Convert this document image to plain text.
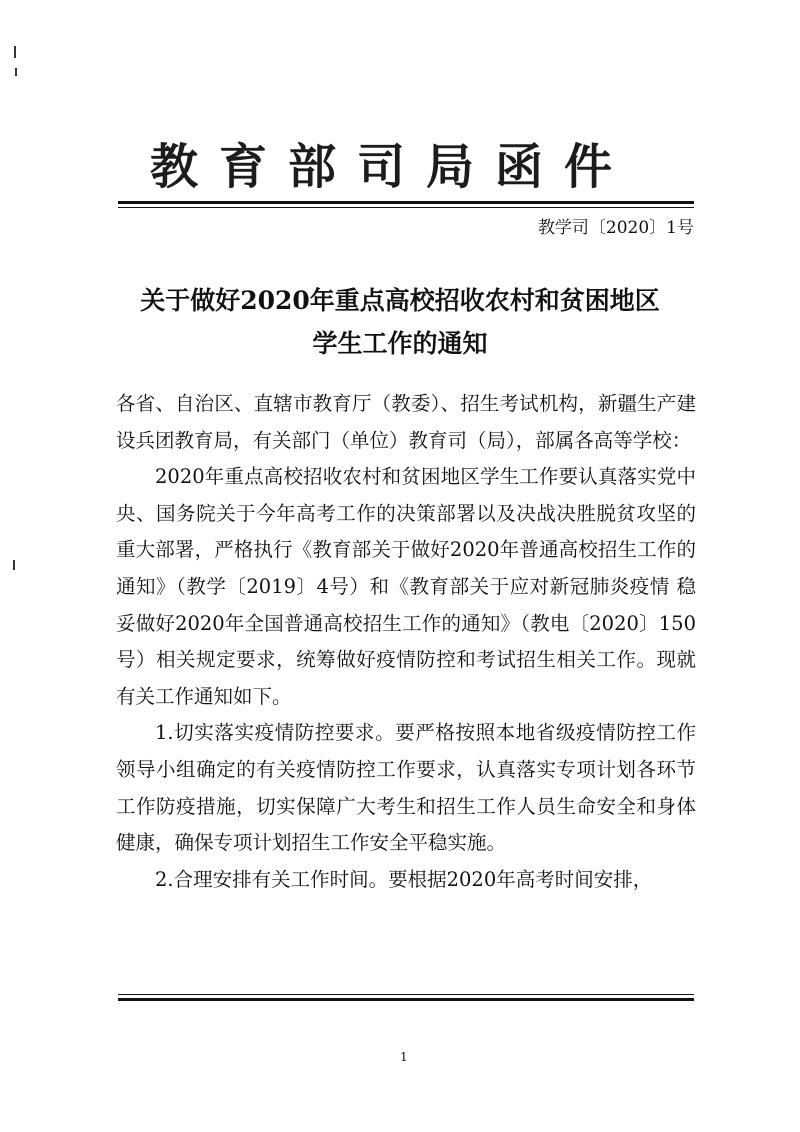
教育部司局函件
教学司〔2020〕1号
关于做好2020年重点高校招收农村和贫困地区
学生工作的通知

各省、自治区、直辖市教育厅（教委）、招生考试机构，新疆生产建设兵团教育局，有关部门（单位）教育司（局），部属各高等学校：

2020年重点高校招收农村和贫困地区学生工作要认真落实党中央、国务院关于今年高考工作的决策部署以及决战决胜脱贫攻坚的重大部署，严格执行《教育部关于做好2020年普通高校招生工作的通知》（教学〔2019〕4号）和《教育部关于应对新冠肺炎疫情 稳妥做好2020年全国普通高校招生工作的通知》（教电〔2020〕150号）相关规定要求，统筹做好疫情防控和考试招生相关工作。现就有关工作通知如下。

1.切实落实疫情防控要求。要严格按照本地省级疫情防控工作领导小组确定的有关疫情防控工作要求，认真落实专项计划各环节工作防疫措施，切实保障广大考生和招生工作人员生命安全和身体健康，确保专项计划招生工作安全平稳实施。

2.合理安排有关工作时间。要根据2020年高考时间安排，

1
